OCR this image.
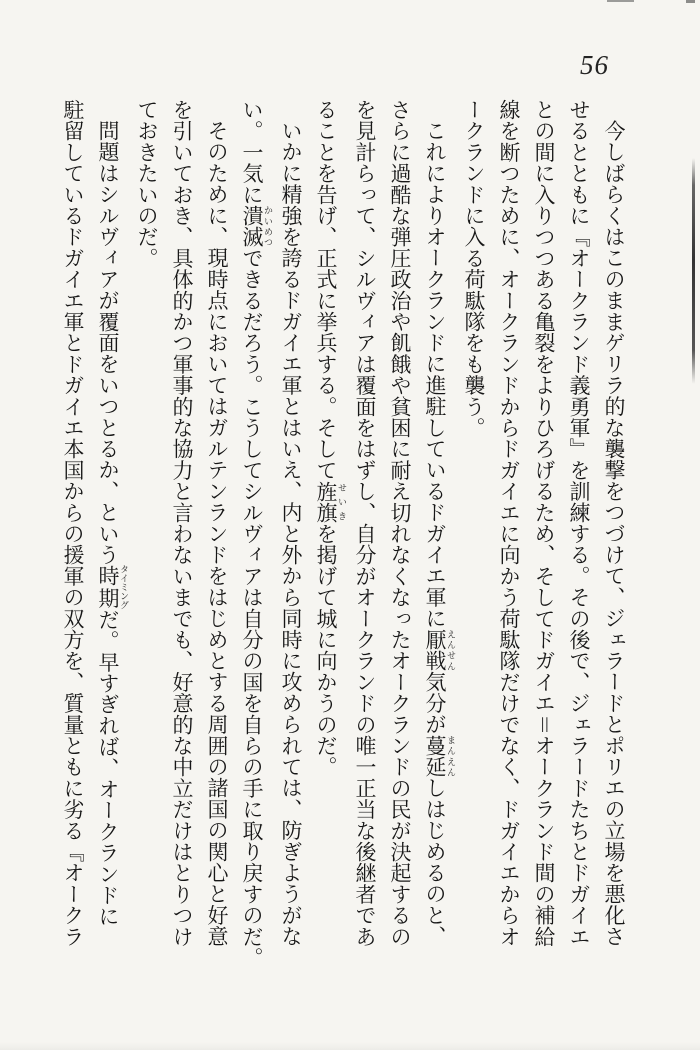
56
今しばらくはこのままゲリラ的な襲撃をつづけて、ジェラードとポリエの立場を悪化さ
せるとともに『オークランド義勇軍』を訓練する。その後で、ジェラードたちとドガイエ
との間に入りつつある亀裂をよりひろげるため、そしてドガイエ＝オークランド間の補給
線を断つために、オークランドからドガイエに向かう荷駄隊だけでなく、ドガイエからオ
ークランドに入る荷駄隊をも襲う。
これによりオークランドに進駐しているドガイエ軍に厭戦 えんせん気分が蔓延 まんえんしはじめるのと、
さらに過酷な弾圧政治や飢餓や貧困に耐え切れなくなったオークランドの民が決起するの
を見計らって、シルヴィアは覆面をはずし、自分がオークランドの唯一正当な後継者であ
ることを告げ、正式に挙兵する。そして旌旗 せいきを掲げて城に向かうのだ。
いかに精強を誇るドガイエ軍とはいえ、内と外から同時に攻められては、防ぎようがな
い。一気に潰滅 かいめつできるだろう。こうしてシルヴィアは自分の国を自らの手に取り戻すのだ。
そのために、現時点においてはガルテンランドをはじめとする周囲の諸国の関心と好意
を引いておき、具体的かつ軍事的な協力と言わないまでも、好意的な中立だけはとりつけ
ておきたいのだ。
問題はシルヴィアが覆面をいつとるか、という時期 タイミングだ。早すぎれば、オークランドに
駐留しているドガイエ軍とドガイエ本国からの援軍の双方を、質量ともに劣る『オークラ
